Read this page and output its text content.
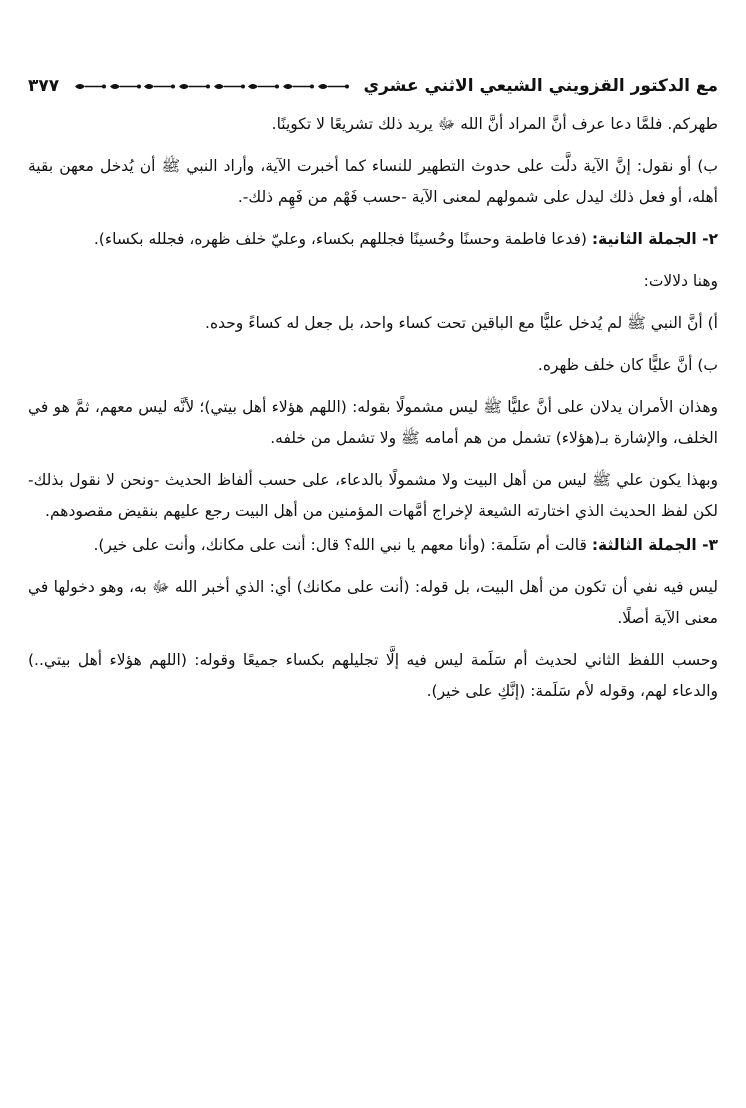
مع الدكتور القزويني الشيعي الاثني عشري
٣٧٧

طهركم. فلمَّا دعا عرف أنَّ المراد أنَّ الله ﷻ يريد ذلك تشريعًا لا تكوينًا.

ب) أو نقول: إنَّ الآية دلَّت على حدوث التطهير للنساء كما أخبرت الآية، وأراد النبي ﷺ أن يُدخل معهن بقية أهله، أو فعل ذلك ليدل على شمولهم لمعنى الآية -حسب فَهْم من فَهِم ذلك-.

٢- الجملة الثانية: (فدعا فاطمة وحسنًا وحُسينًا فجللهم بكساء، وعليّ خلف ظهره، فجلله بكساء).

وهنا دلالات:

أ) أنَّ النبي ﷺ لم يُدخل عليًّا مع الباقين تحت كساء واحد، بل جعل له كساءً وحده.

ب) أنَّ عليًّا كان خلف ظهره.

وهذان الأمران يدلان على أنَّ عليًّا ﷺ ليس مشمولًا بقوله: (اللهم هؤلاء أهل بيتي)؛ لأنَّه ليس معهم، ثمَّ هو في الخلف، والإشارة بـ(هؤلاء) تشمل من هم أمامه ﷺ ولا تشمل من خلفه.

وبهذا يكون علي ﷺ ليس من أهل البيت ولا مشمولًا بالدعاء، على حسب ألفاظ الحديث -ونحن لا نقول بذلك- لكن لفظ الحديث الذي اختارته الشيعة لإخراج أمَّهات المؤمنين من أهل البيت رجع عليهم بنقيض مقصودهم.

٣- الجملة الثالثة: قالت أم سَلَمة: (وأنا معهم يا نبي الله؟ قال: أنت على مكانك، وأنت على خير).

ليس فيه نفي أن تكون من أهل البيت، بل قوله: (أنت على مكانك) أي: الذي أخبر الله ﷻ به، وهو دخولها في معنى الآية أصلًا.

وحسب اللفظ الثاني لحديث أم سَلَمة ليس فيه إلَّا تجليلهم بكساء جميعًا وقوله: (اللهم هؤلاء أهل بيتي..) والدعاء لهم، وقوله لأم سَلَمة: (إنَّكِ على خير).
